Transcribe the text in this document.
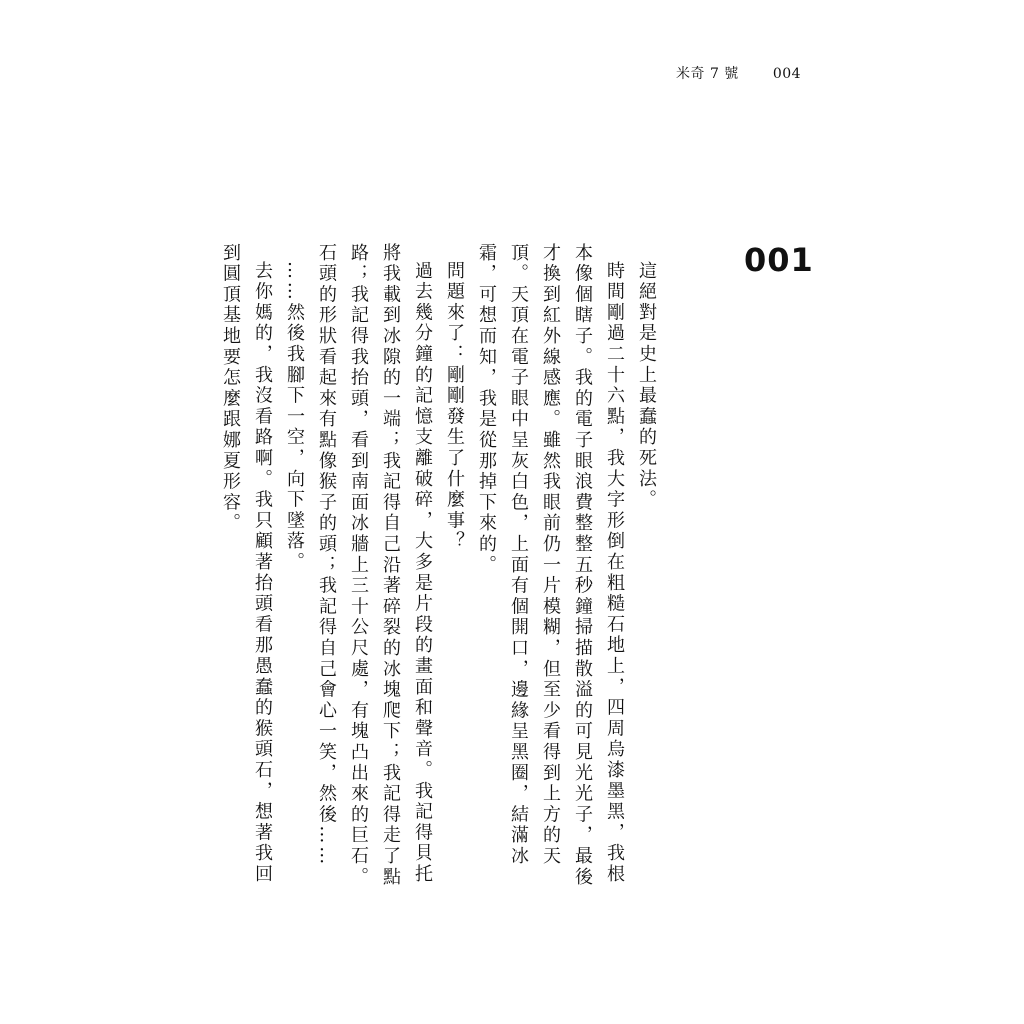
米奇 7 號 004
001

這絕對是史上最蠢的死法。

時間剛過二十六點，我大字形倒在粗糙石地上，四周烏漆墨黑，我根本像個瞎子。我的電子眼浪費整整五秒鐘掃描散溢的可見光光子，最後才換到紅外線感應。雖然我眼前仍一片模糊，但至少看得到上方的天頂。天頂在電子眼中呈灰白色，上面有個開口，邊緣呈黑圈，結滿冰霜，可想而知，我是從那掉下來的。

問題來了：剛剛發生了什麼事？

過去幾分鐘的記憶支離破碎，大多是片段的畫面和聲音。我記得貝托將我載到冰隙的一端；我記得自己沿著碎裂的冰塊爬下；我記得走了點路；我記得我抬頭，看到南面冰牆上三十公尺處，有塊凸出來的巨石。石頭的形狀看起來有點像猴子的頭；我記得自己會心一笑，然後……

……然後我腳下一空，向下墜落。

去你媽的，我沒看路啊。我只顧著抬頭看那愚蠢的猴頭石，想著我回到圓頂基地要怎麼跟娜夏形容。
